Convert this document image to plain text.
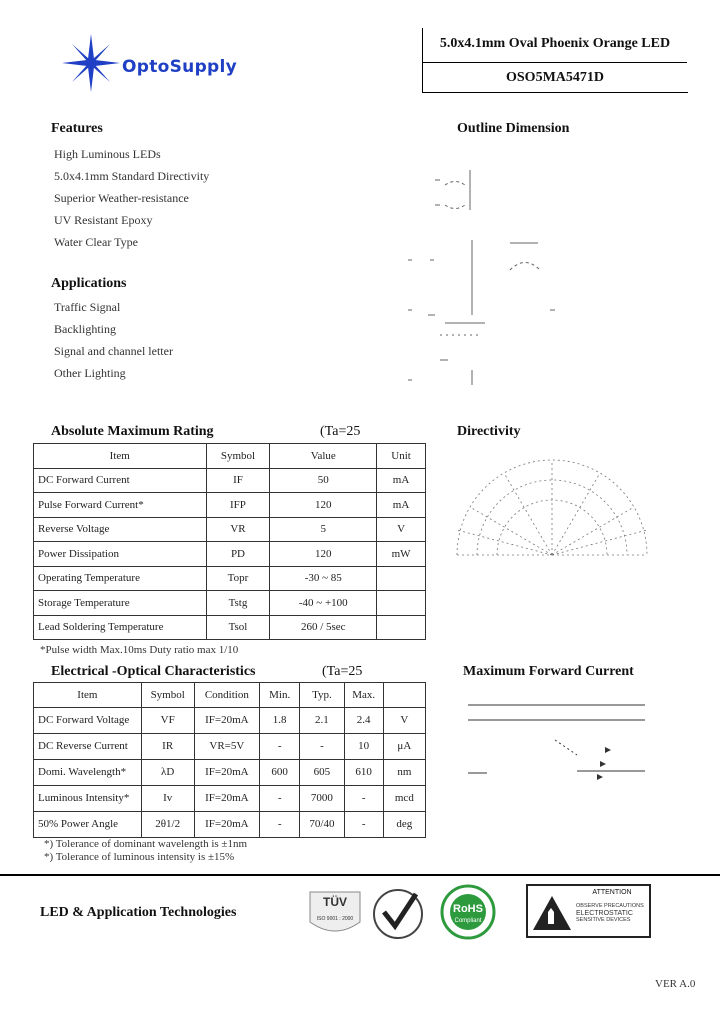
OptoSupply
5.0x4.1mm Oval Phoenix Orange LED
OSO5MA5471D
Features
High Luminous LEDs
5.0x4.1mm Standard Directivity
Superior Weather-resistance
UV Resistant Epoxy
Water Clear Type
Applications
Traffic Signal
Backlighting
Signal and channel letter
Other Lighting
Outline Dimension
Absolute Maximum Rating	(Ta=25
Item	Symbol	Value	Unit
DC Forward Current	IF	50	mA
Pulse Forward Current*	IFP	120	mA
Reverse Voltage	VR	5	V
Power Dissipation	PD	120	mW
Operating Temperature	Topr	-30 ~ 85	
Storage Temperature	Tstg	-40 ~ +100	
Lead Soldering Temperature	Tsol	260 / 5sec	
*Pulse width Max.10ms Duty ratio max 1/10
Directivity
Electrical -Optical Characteristics	(Ta=25
Item	Symbol	Condition	Min.	Typ.	Max.	
DC Forward Voltage	VF	IF=20mA	1.8	2.1	2.4	V
DC Reverse Current	IR	VR=5V	-	-	10	μA
Domi. Wavelength*	λD	IF=20mA	600	605	610	nm
Luminous Intensity*	Iv	IF=20mA	-	7000	-	mcd
50% Power Angle	2θ1/2	IF=20mA	-	70/40	-	deg
*) Tolerance of dominant wavelength is ±1nm
*) Tolerance of luminous intensity is ±15%
Maximum Forward Current
LED & Application Technologies
TÜV
ISO 9001 : 2000
RoHS
Compliant
ATTENTION
OBSERVE PRECAUTIONS
ELECTROSTATIC
SENSITIVE DEVICES
VER A.0
